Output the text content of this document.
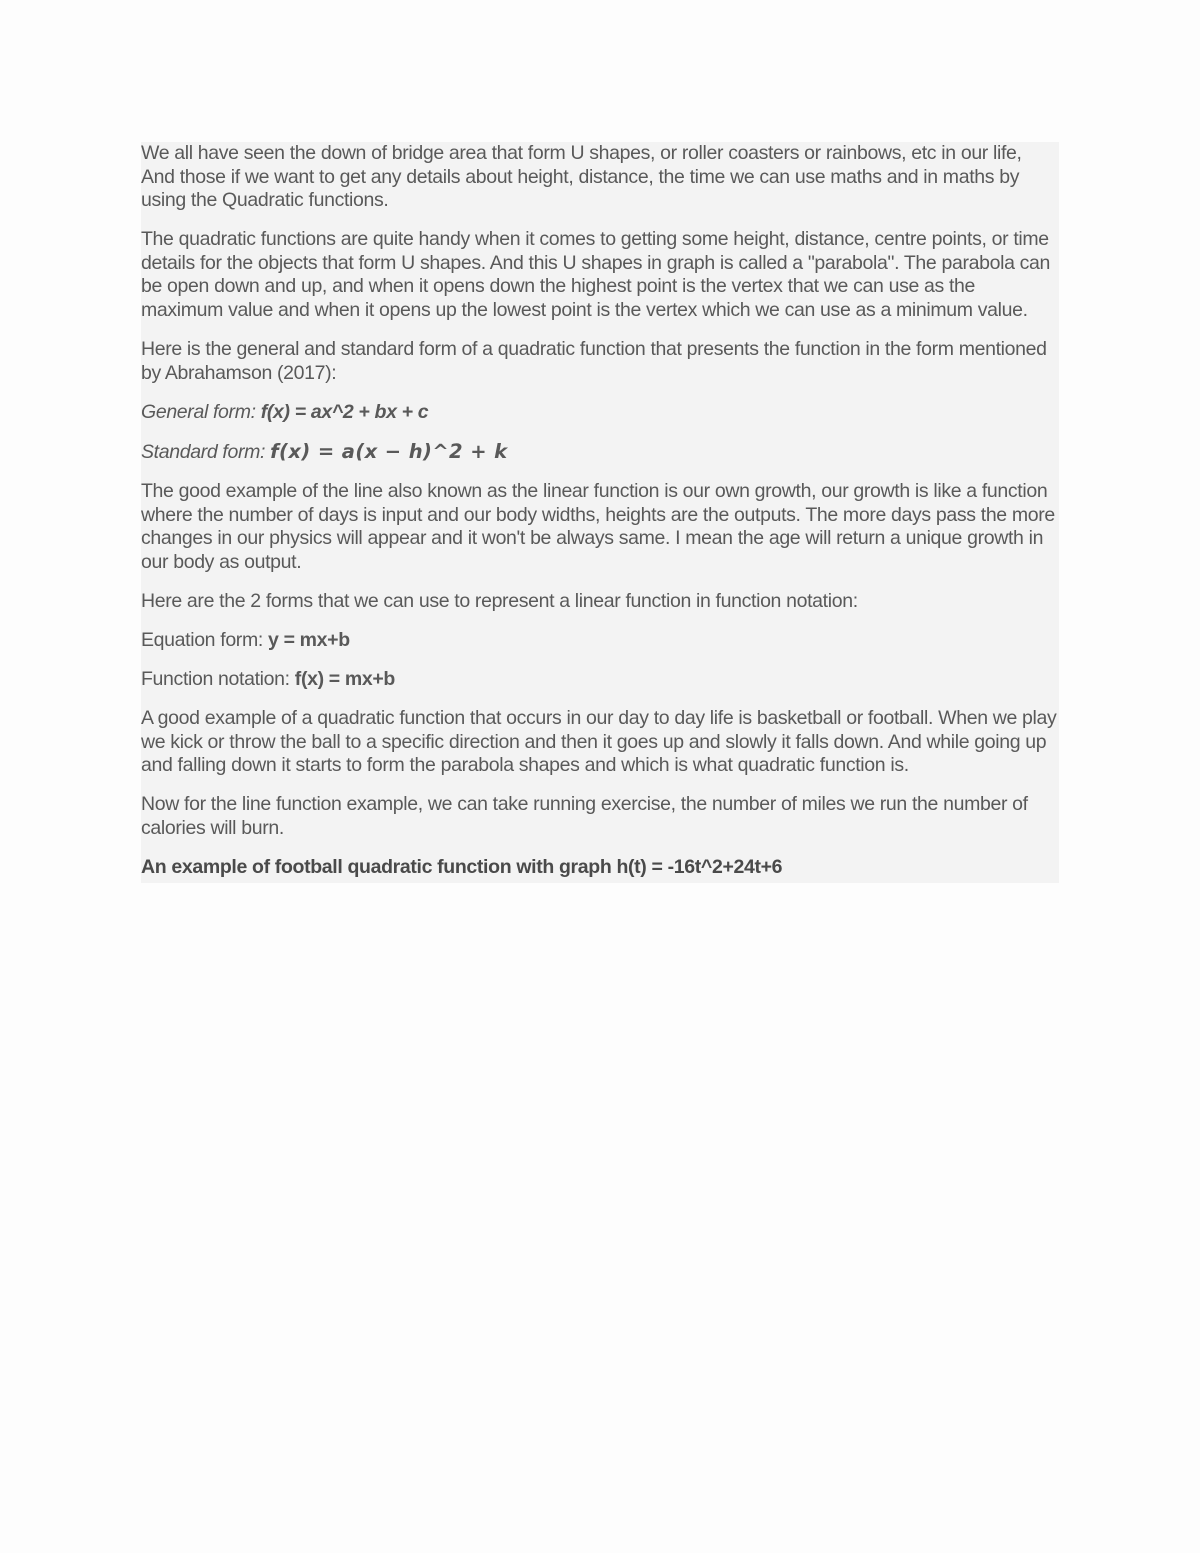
We all have seen the down of bridge area that form U shapes, or roller coasters or rainbows, etc in our life, And those if we want to get any details about height, distance, the time we can use maths and in maths by using the Quadratic functions.

The quadratic functions are quite handy when it comes to getting some height, distance, centre points, or time details for the objects that form U shapes. And this U shapes in graph is called a "parabola". The parabola can be open down and up, and when it opens down the highest point is the vertex that we can use as the maximum value and when it opens up the lowest point is the vertex which we can use as a minimum value.

Here is the general and standard form of a quadratic function that presents the function in the form mentioned by Abrahamson (2017):

General form: f(x) = ax^2 + bx + c

Standard form: f(x) = a(x − h)^2 + k

The good example of the line also known as the linear function is our own growth, our growth is like a function where the number of days is input and our body widths, heights are the outputs. The more days pass the more changes in our physics will appear and it won't be always same. I mean the age will return a unique growth in our body as output.

Here are the 2 forms that we can use to represent a linear function in function notation:

Equation form: y = mx+b

Function notation: f(x) = mx+b

A good example of a quadratic function that occurs in our day to day life is basketball or football. When we play we kick or throw the ball to a specific direction and then it goes up and slowly it falls down. And while going up and falling down it starts to form the parabola shapes and which is what quadratic function is.

Now for the line function example, we can take running exercise, the number of miles we run the number of calories will burn.

An example of football quadratic function with graph h(t) = -16t^2+24t+6
